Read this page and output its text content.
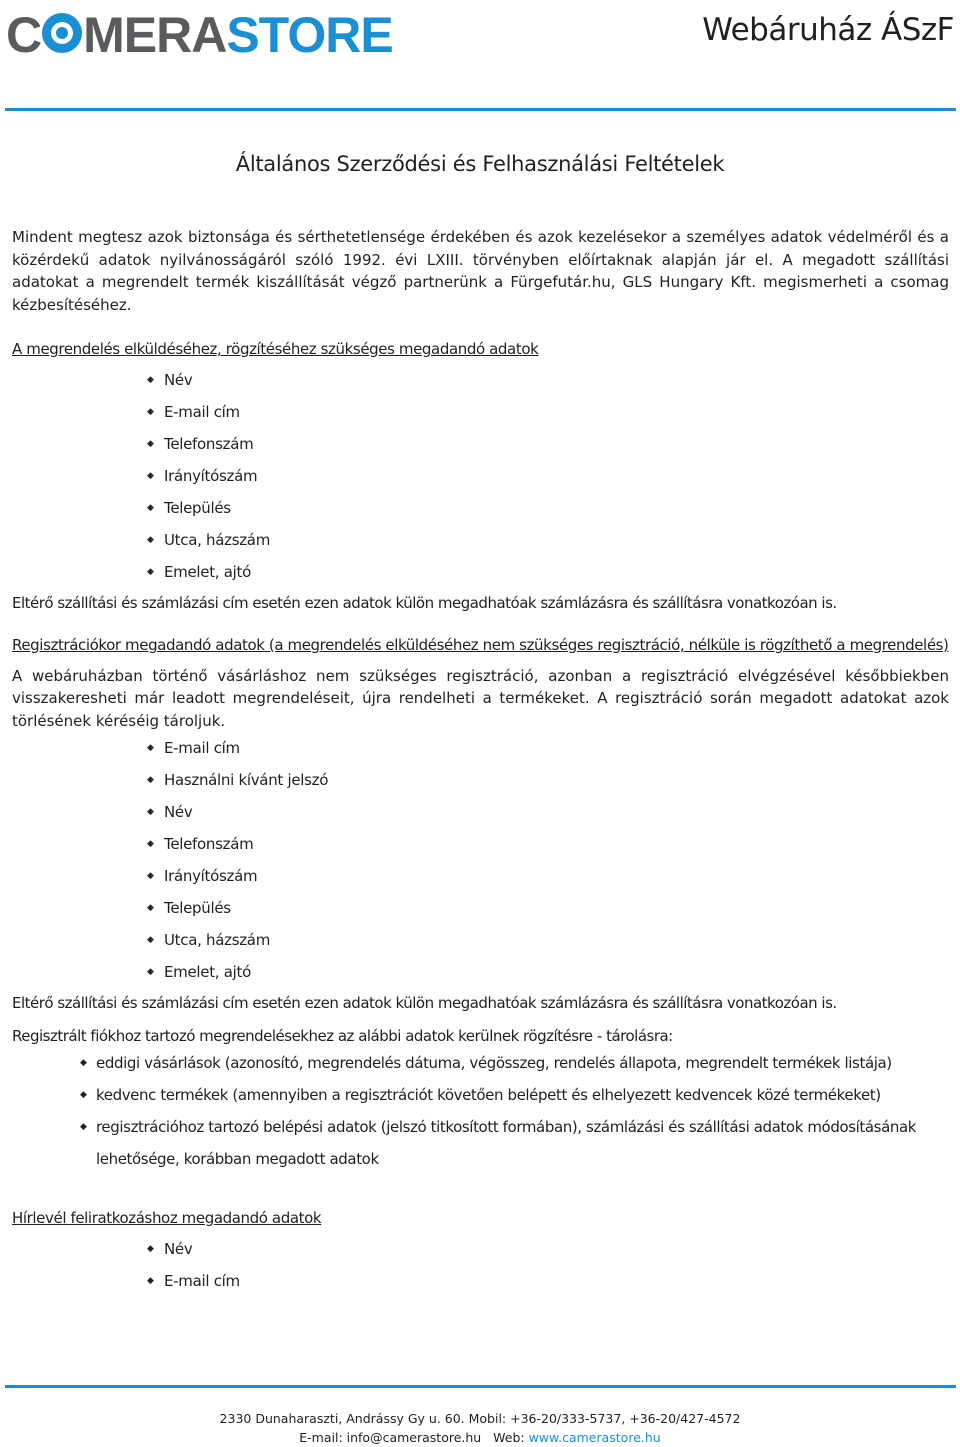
C MERASTORE	Webáruház ÁSzF
Általános Szerződési és Felhasználási Feltételek

Mindent megtesz azok biztonsága és sérthetetlensége érdekében és azok kezelésekor a személyes adatok védelméről és a közérdekű adatok nyilvánosságáról szóló 1992. évi LXIII. törvényben előírtaknak alapján jár el. A megadott szállítási adatokat a megrendelt termék kiszállítását végző partnerünk a Fürgefutár.hu, GLS Hungary Kft. megismerheti a csomag kézbesítéséhez.

A megrendelés elküldéséhez, rögzítéséhez szükséges megadandó adatok

◆ Név
◆ E-mail cím
◆ Telefonszám
◆ Irányítószám
◆ Település
◆ Utca, házszám
◆ Emelet, ajtó

Eltérő szállítási és számlázási cím esetén ezen adatok külön megadhatóak számlázásra és szállításra vonatkozóan is.

Regisztrációkor megadandó adatok (a megrendelés elküldéséhez nem szükséges regisztráció, nélküle is rögzíthető a megrendelés)

A webáruházban történő vásárláshoz nem szükséges regisztráció, azonban a regisztráció elvégzésével későbbiekben visszakeresheti már leadott megrendeléseit, újra rendelheti a termékeket. A regisztráció során megadott adatokat azok törlésének kéréséig tároljuk.

◆ E-mail cím
◆ Használni kívánt jelszó
◆ Név
◆ Telefonszám
◆ Irányítószám
◆ Település
◆ Utca, házszám
◆ Emelet, ajtó

Eltérő szállítási és számlázási cím esetén ezen adatok külön megadhatóak számlázásra és szállításra vonatkozóan is.

Regisztrált fiókhoz tartozó megrendelésekhez az alábbi adatok kerülnek rögzítésre - tárolásra:

◆ eddigi vásárlások (azonosító, megrendelés dátuma, végösszeg, rendelés állapota, megrendelt termékek listája)
◆ kedvenc termékek (amennyiben a regisztrációt követően belépett és elhelyezett kedvencek közé termékeket)
◆ regisztrációhoz tartozó belépési adatok (jelszó titkosított formában), számlázási és szállítási adatok módosításának lehetősége, korábban megadott adatok

Hírlevél feliratkozáshoz megadandó adatok

◆ Név
◆ E-mail cím
2330 Dunaharaszti, Andrássy Gy u. 60. Mobil: +36-20/333-5737, +36-20/427-4572
E-mail: info@camerastore.hu   Web: www.camerastore.hu
